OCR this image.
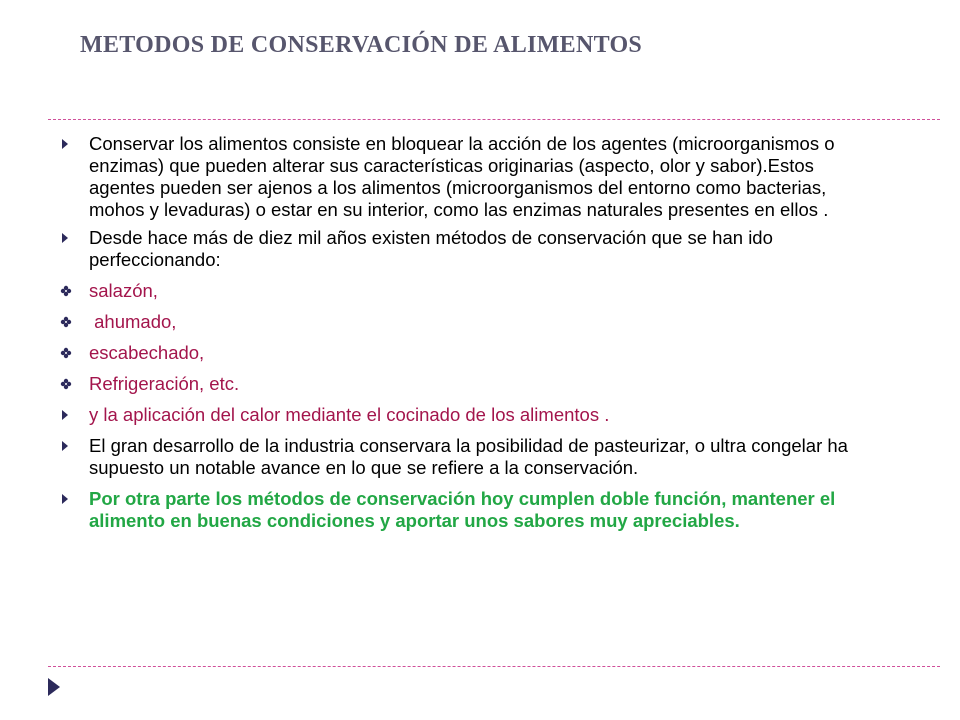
METODOS DE CONSERVACIÓN DE ALIMENTOS
Conservar los alimentos consiste en bloquear la acción de los agentes (microorganismos o enzimas) que pueden alterar sus características originarias (aspecto, olor y sabor).Estos agentes pueden ser ajenos a los alimentos (microorganismos del entorno como bacterias, mohos y levaduras) o estar en su interior, como las enzimas naturales presentes en ellos .
Desde hace más de diez mil años existen métodos de conservación que se han ido perfeccionando:
salazón,
ahumado,
escabechado,
Refrigeración, etc.
y la aplicación del calor mediante el cocinado de los alimentos .
El gran desarrollo de la industria conservara la posibilidad de pasteurizar, o ultra congelar ha supuesto un notable avance en lo que se refiere a la conservación.
Por otra parte los métodos de conservación hoy cumplen doble función, mantener el alimento en buenas condiciones y aportar unos sabores muy apreciables.
